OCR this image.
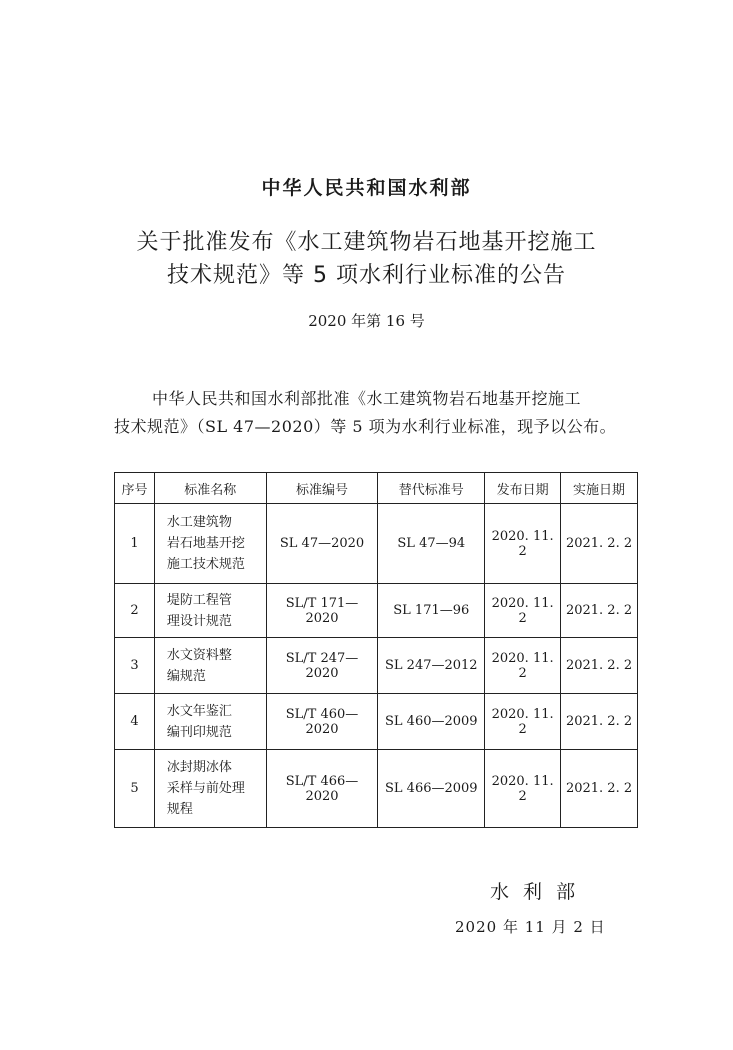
中华人民共和国水利部
关于批准发布《水工建筑物岩石地基开挖施工
技术规范》等 5 项水利行业标准的公告
2020 年第 16 号
中华人民共和国水利部批准《水工建筑物岩石地基开挖施工
技术规范》（SL 47—2020）等 5 项为水利行业标准，现予以公布。
序号	标准名称	标准编号	替代标准号	发布日期	实施日期
1	水工建筑物
岩石地基开挖
施工技术规范	SL 47—2020	SL 47—94	2020. 11. 2	2021. 2. 2
2	堤防工程管
理设计规范	SL/T 171—2020	SL 171—96	2020. 11. 2	2021. 2. 2
3	水文资料整
编规范	SL/T 247—2020	SL 247—2012	2020. 11. 2	2021. 2. 2
4	水文年鉴汇
编刊印规范	SL/T 460—2020	SL 460—2009	2020. 11. 2	2021. 2. 2
5	冰封期冰体
采样与前处理
规程	SL/T 466—2020	SL 466—2009	2020. 11. 2	2021. 2. 2
水 利 部
2020 年 11 月 2 日
